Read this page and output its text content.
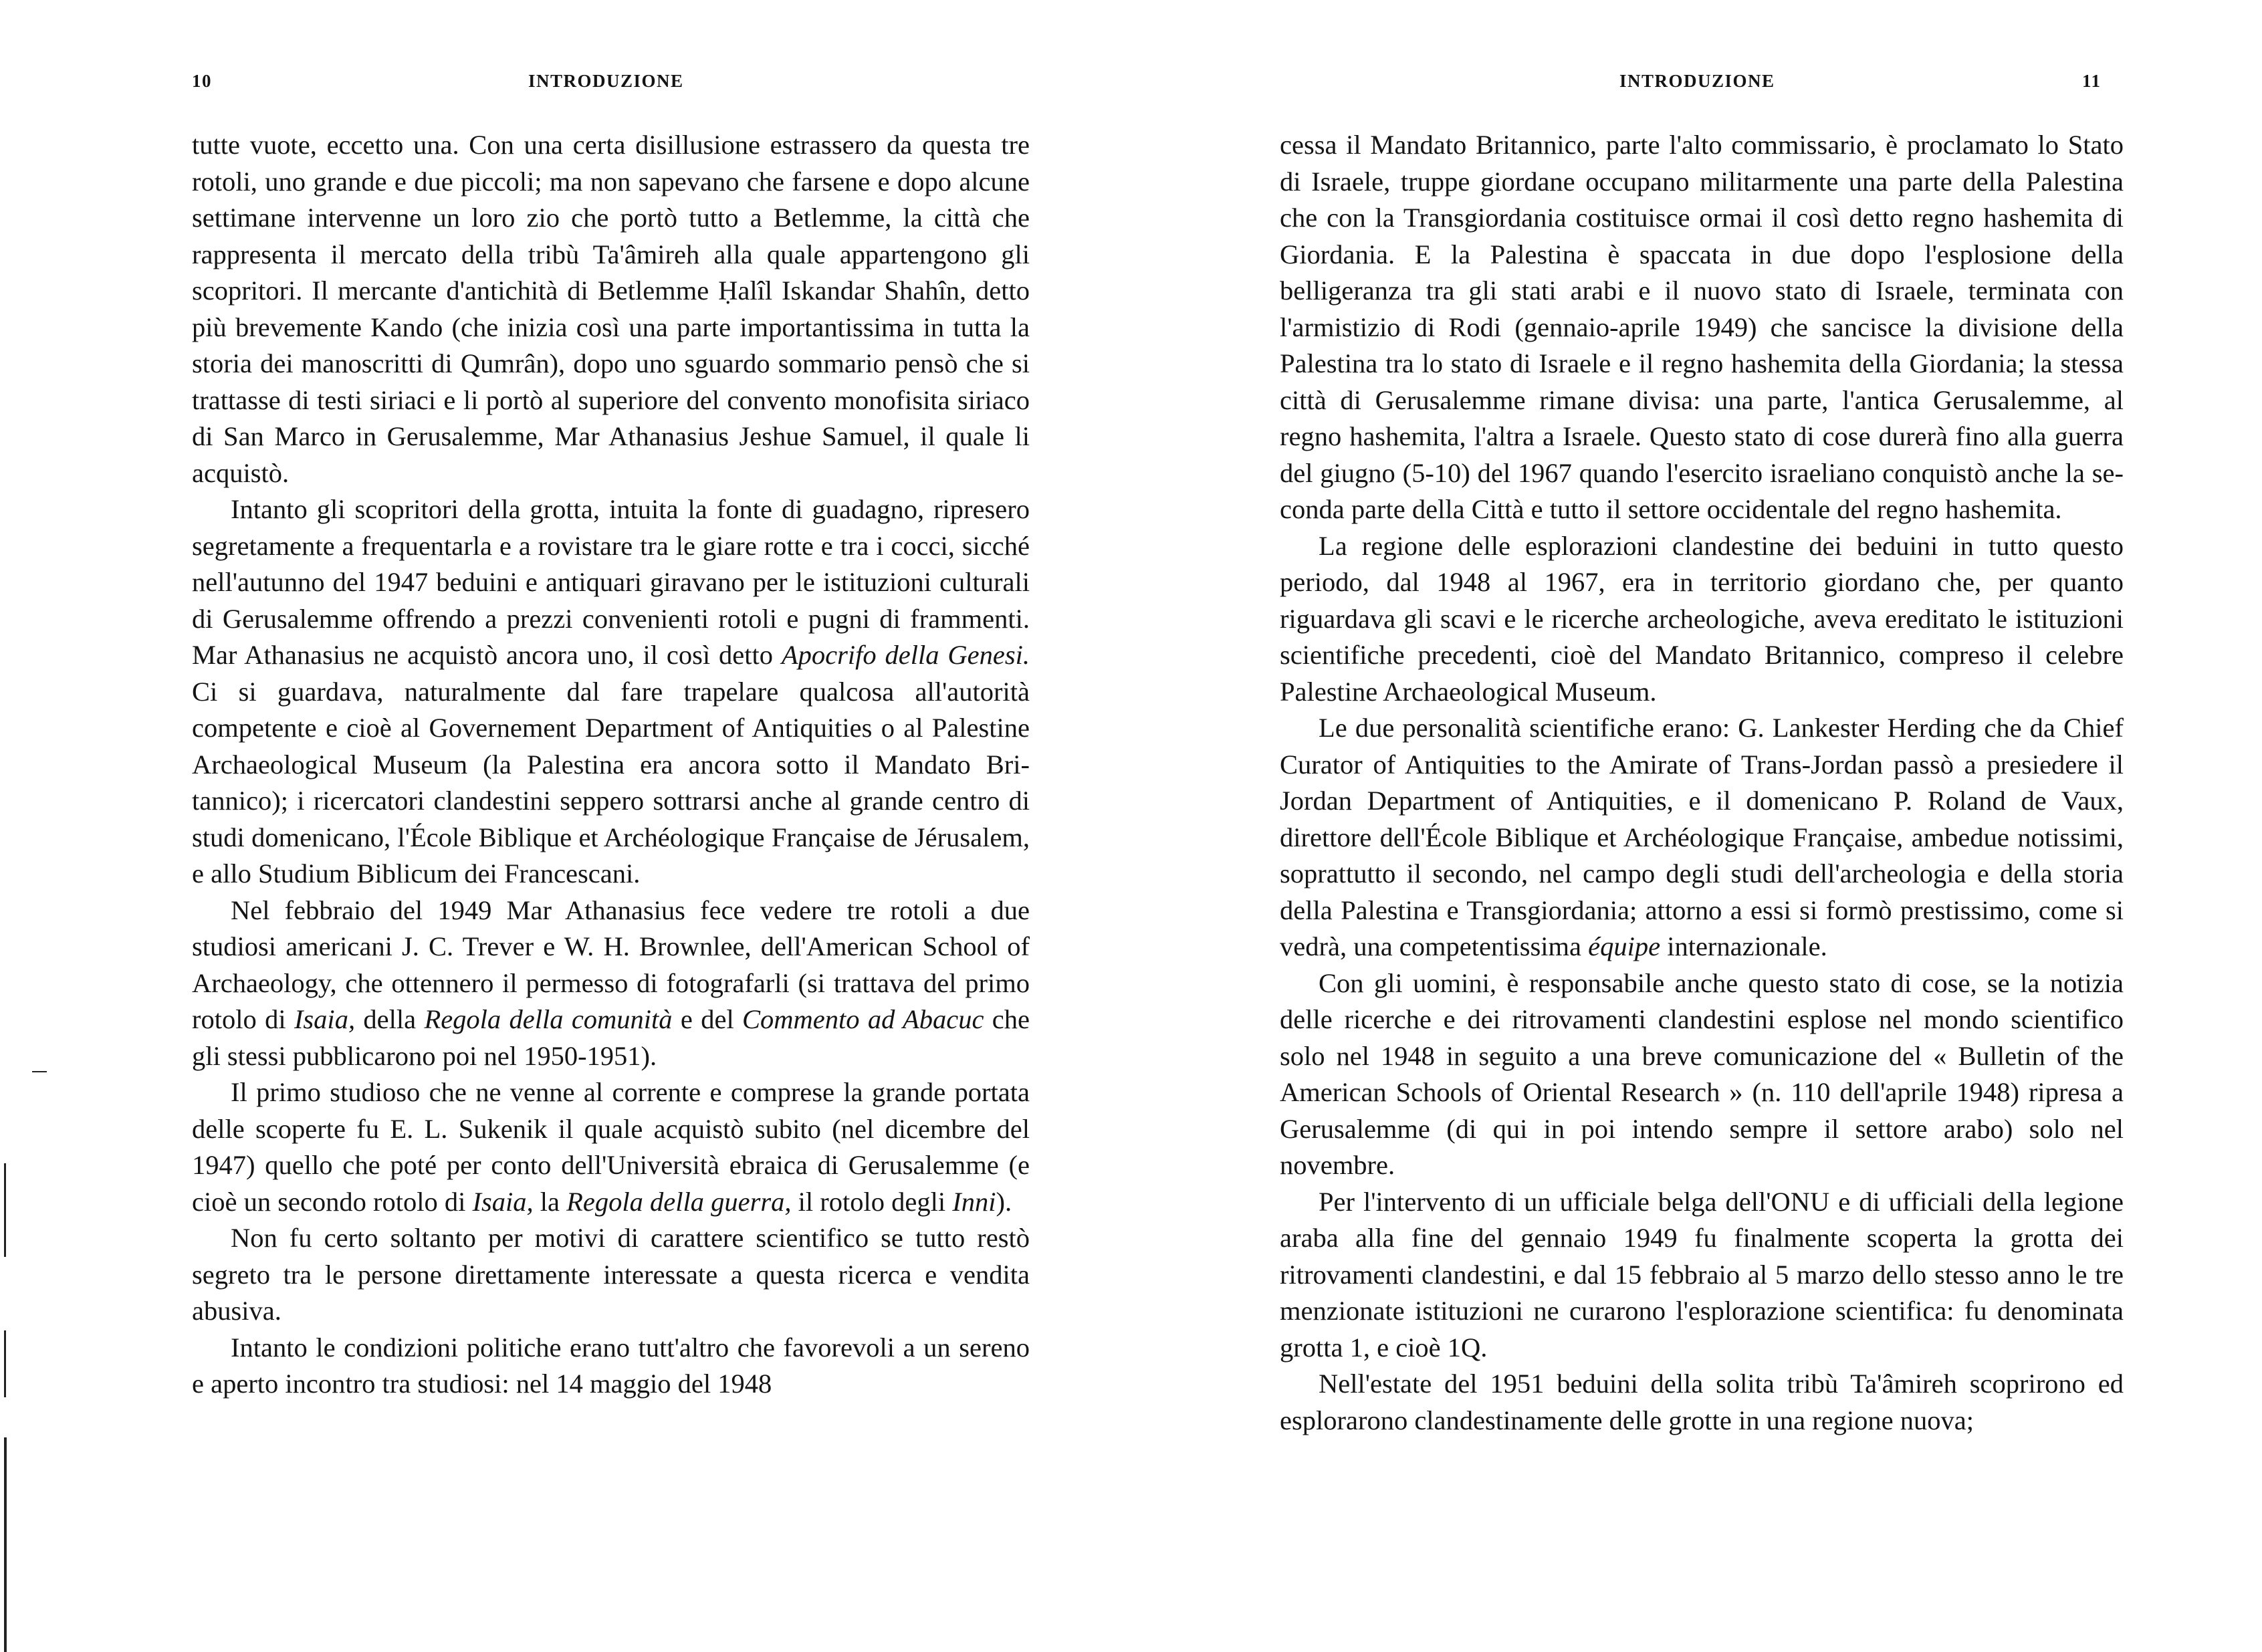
10	INTRODUZIONE

tutte vuote, eccetto una. Con una certa disillusione estrassero da questa tre rotoli, uno grande e due piccoli; ma non sapevano che farsene e dopo alcune settimane intervenne un loro zio che portò tutto a Betlemme, la città che rappresenta il mercato della tribù Ta'âmireh alla quale appartengono gli scopritori. Il mercante d'antichità di Betlemme Ḥalîl Iskandar Shahîn, detto più brevemente Kando (che inizia così una parte importantissima in tutta la storia dei manoscritti di Qumrân), dopo uno sguardo sommario pensò che si trattasse di testi siriaci e li portò al superiore del convento monofisita siriaco di San Marco in Gerusalemme, Mar Athanasius Jeshue Samuel, il quale li acquistò.

Intanto gli scopritori della grotta, intuita la fonte di guadagno, ripresero segretamente a frequentarla e a rovistare tra le giare rotte e tra i cocci, sicché nell'autunno del 1947 beduini e antiquari giravano per le istituzioni culturali di Gerusalemme offrendo a prezzi convenienti rotoli e pugni di frammenti. Mar Athanasius ne acquistò ancora uno, il così detto Apocrifo della Genesi. Ci si guardava, naturalmente dal fare trapelare qualcosa all'autorità competente e cioè al Governement Department of Antiquities o al Palestine Archaeological Museum (la Palestina era ancora sotto il Mandato Britannico); i ricercatori clandestini seppero sottrarsi anche al grande centro di studi domenicano, l'École Biblique et Archéologique Française de Jérusalem, e allo Studium Biblicum dei Francescani.

Nel febbraio del 1949 Mar Athanasius fece vedere tre rotoli a due studiosi americani J. C. Trever e W. H. Brownlee, dell'American School of Archaeology, che ottennero il permesso di fotografarli (si trattava del primo rotolo di Isaia, della Regola della comunità e del Commento ad Abacuc che gli stessi pubblicarono poi nel 1950-1951).

Il primo studioso che ne venne al corrente e comprese la grande portata delle scoperte fu E. L. Sukenik il quale acquistò subito (nel dicembre del 1947) quello che poté per conto dell'Università ebraica di Gerusalemme (e cioè un secondo rotolo di Isaia, la Regola della guerra, il rotolo degli Inni).

Non fu certo soltanto per motivi di carattere scientifico se tutto restò segreto tra le persone direttamente interessate a questa ricerca e vendita abusiva.

Intanto le condizioni politiche erano tutt'altro che favorevoli a un sereno e aperto incontro tra studiosi: nel 14 maggio del 1948

INTRODUZIONE	11

cessa il Mandato Britannico, parte l'alto commissario, è proclamato lo Stato di Israele, truppe giordane occupano militarmente una parte della Palestina che con la Transgiordania costituisce ormai il così detto regno hashemita di Giordania. E la Palestina è spaccata in due dopo l'esplosione della belligeranza tra gli stati arabi e il nuovo stato di Israele, terminata con l'armistizio di Rodi (gennaio-aprile 1949) che sancisce la divisione della Palestina tra lo stato di Israele e il regno hashemita della Giordania; la stessa città di Gerusalemme rimane divisa: una parte, l'antica Gerusalemme, al regno hashemita, l'altra a Israele. Questo stato di cose durerà fino alla guerra del giugno (5-10) del 1967 quando l'esercito israeliano conquistò anche la seconda parte della Città e tutto il settore occidentale del regno hashemita.

La regione delle esplorazioni clandestine dei beduini in tutto questo periodo, dal 1948 al 1967, era in territorio giordano che, per quanto riguardava gli scavi e le ricerche archeologiche, aveva ereditato le istituzioni scientifiche precedenti, cioè del Mandato Britannico, compreso il celebre Palestine Archaeological Museum.

Le due personalità scientifiche erano: G. Lankester Herding che da Chief Curator of Antiquities to the Amirate of Trans-Jordan passò a presiedere il Jordan Department of Antiquities, e il domenicano P. Roland de Vaux, direttore dell'École Biblique et Archéologique Française, ambedue notissimi, soprattutto il secondo, nel campo degli studi dell'archeologia e della storia della Palestina e Transgiordania; attorno a essi si formò prestissimo, come si vedrà, una competentissima équipe internazionale.

Con gli uomini, è responsabile anche questo stato di cose, se la notizia delle ricerche e dei ritrovamenti clandestini esplose nel mondo scientifico solo nel 1948 in seguito a una breve comunicazione del « Bulletin of the American Schools of Oriental Research » (n. 110 dell'aprile 1948) ripresa a Gerusalemme (di qui in poi intendo sempre il settore arabo) solo nel novembre.

Per l'intervento di un ufficiale belga dell'ONU e di ufficiali della legione araba alla fine del gennaio 1949 fu finalmente scoperta la grotta dei ritrovamenti clandestini, e dal 15 febbraio al 5 marzo dello stesso anno le tre menzionate istituzioni ne curarono l'esplorazione scientifica: fu denominata grotta 1, e cioè 1Q.

Nell'estate del 1951 beduini della solita tribù Ta'âmireh scoprirono ed esplorarono clandestinamente delle grotte in una regione nuova;
